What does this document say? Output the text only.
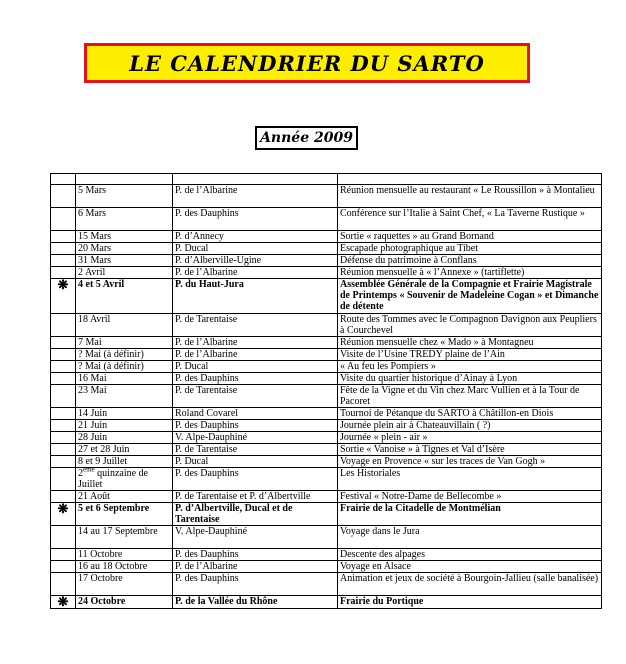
LE CALENDRIER DU SARTO
Année 2009

	5 Mars	P. de l’Albarine	Réunion mensuelle au restaurant « Le Roussillon » à Montalieu
	6 Mars	P. des Dauphins	Conférence sur l’Italie à Saint Chef, « La Taverne Rustique »
	15 Mars	P. d’Annecy	Sortie « raquettes » au Grand Bornand
	20 Mars	P. Ducal	Escapade photographique au Tibet
	31 Mars	P. d’Alberville-Ugine	Défense du patrimoine à Conflans
	2 Avril	P. de l’Albarine	Réunion mensuelle à « l’Annexe » (tartiflette)
❋	4 et 5 Avril	P. du Haut-Jura	Assemblée Générale de la Compagnie et Frairie Magistrale de Printemps « Souvenir de Madeleine Cogan » et Dimanche de détente
	18 Avril	P. de Tarentaise	Route des Tommes avec le Compagnon Davignon aux Peupliers à Courchevel
	7 Mai	P. de l’Albarine	Réunion mensuelle chez « Mado » à Montagneu
	? Mai (à définir)	P. de l’Albarine	Visite de l’Usine TREDY plaine de l’Ain
	? Mai (à définir)	P. Ducal	« Au feu les Pompiers »
	16 Mai	P. des Dauphins	Visite du quartier historique d’Ainay à Lyon
	23 Mai	P. de Tarentaise	Fête de la Vigne et du Vin chez Marc Vullien et à la Tour de Pacoret
	14 Juin	Roland Covarel	Tournoi de Pétanque du SARTO à Châtillon-en Diois
	21 Juin	P. des Dauphins	Journée plein air à Chateauvillain ( ?)
	28 Juin	V. Alpe-Dauphiné	Journée « plein - air »
	27 et 28 Juin	P. de Tarentaise	Sortie « Vanoise » à Tignes et Val d’Isère
	8 et 9 Juillet	P. Ducal	Voyage en Provence « sur les traces de Van Gogh »
	2ème quinzaine de Juillet	P. des Dauphins	Les Historiales
	21 Août	P. de Tarentaise et P. d’Albertville	Festival « Notre-Dame de Bellecombe »
❋	5 et 6 Septembre	P. d’Albertville, Ducal et de Tarentaise	Frairie de la Citadelle de Montmélian
	14 au 17 Septembre	V. Alpe-Dauphiné	Voyage dans le Jura
	11 Octobre	P. des Dauphins	Descente des alpages
	16 au 18 Octobre	P. de l’Albarine	Voyage en Alsace
	17 Octobre	P. des Dauphins	Animation et jeux de société à Bourgoin-Jallieu (salle banalisée)
❋	24 Octobre	P. de la Vallée du Rhône	Frairie du Portique
